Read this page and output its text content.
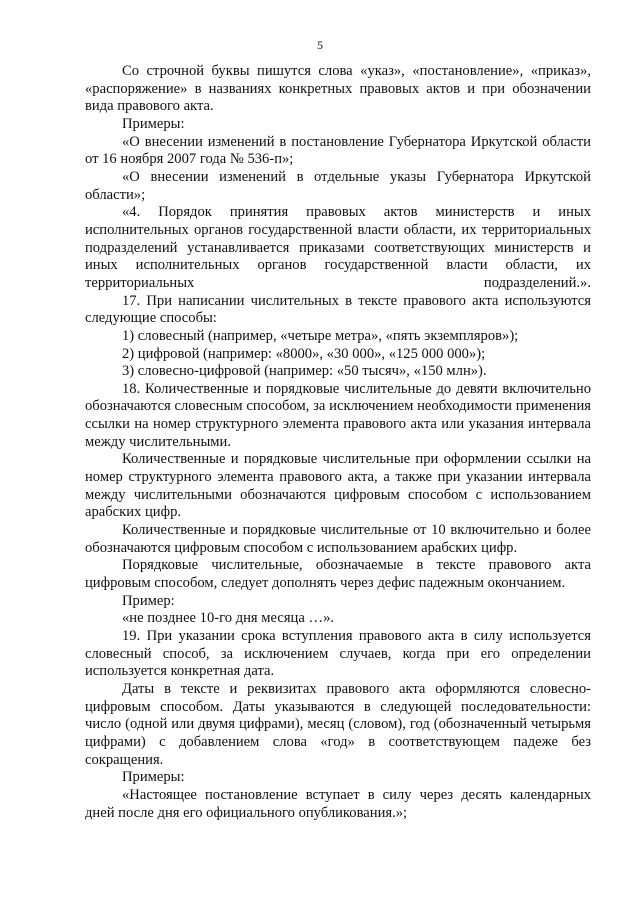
5

Со строчной буквы пишутся слова «указ», «постановление», «приказ», «распоряжение» в названиях конкретных правовых актов и при обозначении вида правового акта.

Примеры:

«О внесении изменений в постановление Губернатора Иркутской области от 16 ноября 2007 года № 536-п»;

«О внесении изменений в отдельные указы Губернатора Иркутской области»;

«4. Порядок принятия правовых актов министерств и иных исполнительных органов государственной власти области, их территориальных подразделений устанавливается приказами соответствующих министерств и иных исполнительных органов государственной власти области, их территориальных подразделений.».

17. При написании числительных в тексте правового акта используются следующие способы:

1) словесный (например, «четыре метра», «пять экземпляров»);

2) цифровой (например: «8000», «30 000», «125 000 000»);

3) словесно-цифровой (например: «50 тысяч», «150 млн»).

18. Количественные и порядковые числительные до девяти включительно обозначаются словесным способом, за исключением необходимости применения ссылки на номер структурного элемента правового акта или указания интервала между числительными.

Количественные и порядковые числительные при оформлении ссылки на номер структурного элемента правового акта, а также при указании интервала между числительными обозначаются цифровым способом с использованием арабских цифр.

Количественные и порядковые числительные от 10 включительно и более обозначаются цифровым способом с использованием арабских цифр.

Порядковые числительные, обозначаемые в тексте правового акта цифровым способом, следует дополнять через дефис падежным окончанием.

Пример:

«не позднее 10-го дня месяца …».

19. При указании срока вступления правового акта в силу используется словесный способ, за исключением случаев, когда при его определении используется конкретная дата.

Даты в тексте и реквизитах правового акта оформляются словесно-цифровым способом. Даты указываются в следующей последовательности: число (одной или двумя цифрами), месяц (словом), год (обозначенный четырьмя цифрами) с добавлением слова «год» в соответствующем падеже без сокращения.

Примеры:

«Настоящее постановление вступает в силу через десять календарных дней после дня его официального опубликования.»;
